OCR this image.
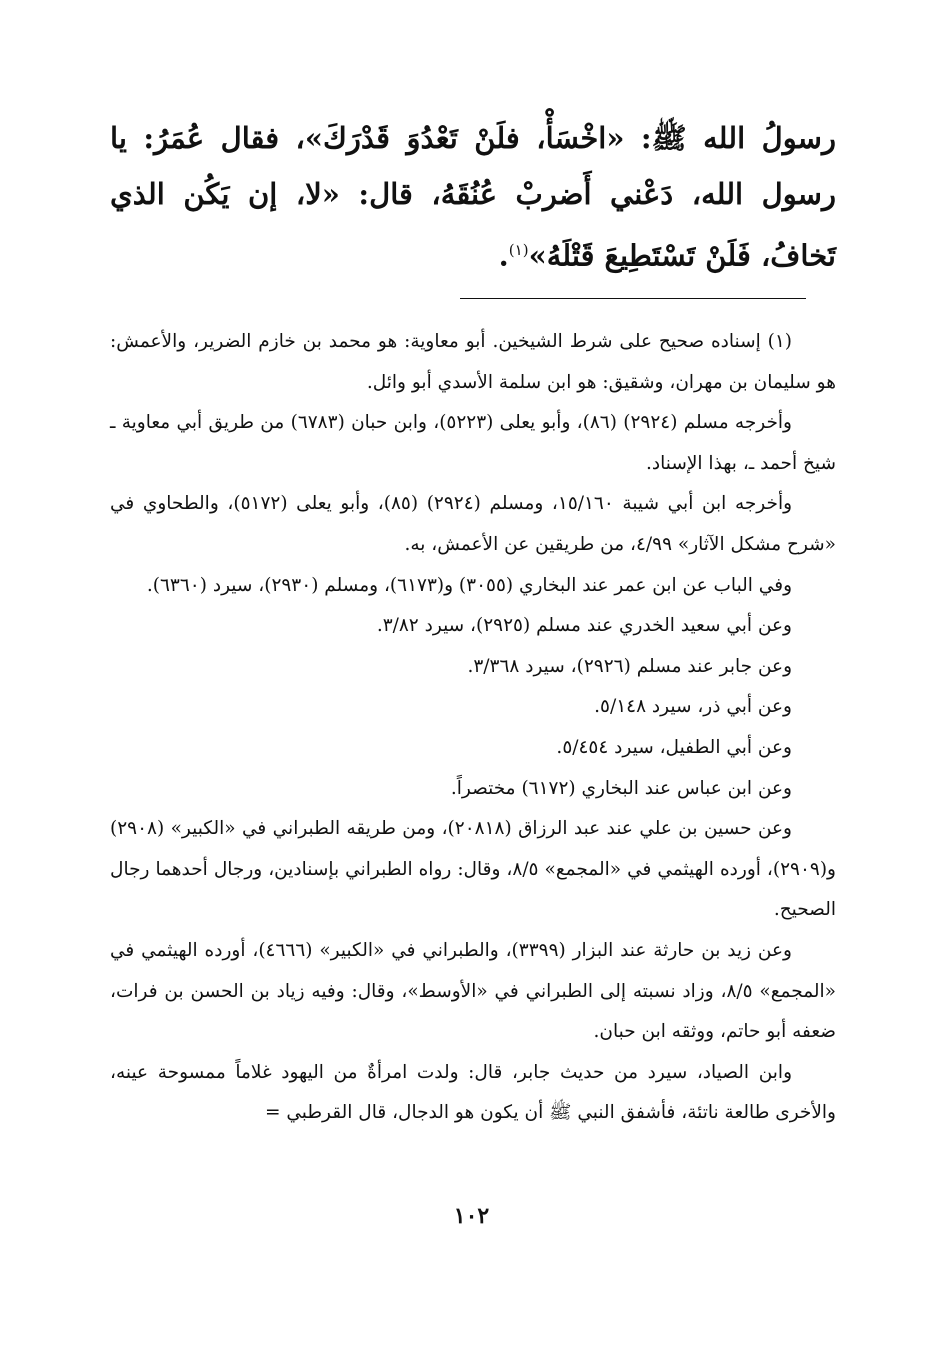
رسولُ الله ﷺ: «اخْسَأْ، فلَنْ تَعْدُوَ قَدْرَكَ»، فقال عُمَرُ: يا رسول الله، دَعْني أَضربْ عُنُقَهُ، قال: «لا، إن يَكُن الذي تَخافُ، فَلَنْ تَسْتَطِيعَ قَتْلَهُ»$^{(١)}$.

(١) إسناده صحيح على شرط الشيخين. أبو معاوية: هو محمد بن خازم الضرير، والأعمش: هو سليمان بن مهران، وشقيق: هو ابن سلمة الأسدي أبو وائل.

وأخرجه مسلم (٢٩٢٤) (٨٦)، وأبو يعلى (٥٢٢٣)، وابن حبان (٦٧٨٣) من طريق أبي معاوية ـ شيخ أحمد ـ، بهذا الإسناد.

وأخرجه ابن أبي شيبة ١٥/١٦٠، ومسلم (٢٩٢٤) (٨٥)، وأبو يعلى (٥١٧٢)، والطحاوي في «شرح مشكل الآثار» ٤/٩٩، من طريقين عن الأعمش، به.

وفي الباب عن ابن عمر عند البخاري (٣٠٥٥) و(٦١٧٣)، ومسلم (٢٩٣٠)، سيرد (٦٣٦٠).

وعن أبي سعيد الخدري عند مسلم (٢٩٢٥)، سيرد ٣/٨٢.

وعن جابر عند مسلم (٢٩٢٦)، سيرد ٣/٣٦٨.

وعن أبي ذر، سيرد ٥/١٤٨.

وعن أبي الطفيل، سيرد ٥/٤٥٤.

وعن ابن عباس عند البخاري (٦١٧٢) مختصراً.

وعن حسين بن علي عند عبد الرزاق (٢٠٨١٨)، ومن طريقه الطبراني في «الكبير» (٢٩٠٨) و(٢٩٠٩)، أورده الهيثمي في «المجمع» ٨/٥، وقال: رواه الطبراني بإسنادين، ورجال أحدهما رجال الصحيح.

وعن زيد بن حارثة عند البزار (٣٣٩٩)، والطبراني في «الكبير» (٤٦٦٦)، أورده الهيثمي في «المجمع» ٨/٥، وزاد نسبته إلى الطبراني في «الأوسط»، وقال: وفيه زياد بن الحسن بن فرات، ضعفه أبو حاتم، ووثقه ابن حبان.

وابن الصياد، سيرد من حديث جابر، قال: ولدت امرأةٌ من اليهود غلاماً ممسوحة عينه، والأخرى طالعة ناتئة، فأشفق النبي ﷺ أن يكون هو الدجال، قال القرطبي =

١٠٢
